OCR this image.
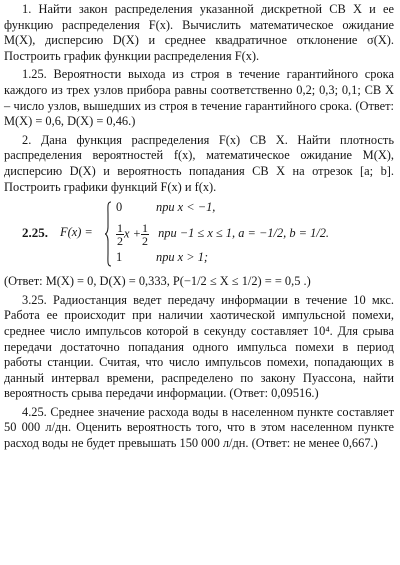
1. Найти закон распределения указанной дискретной СВ X и ее функцию распределения F(x). Вычислить математическое ожидание M(X), дисперсию D(X) и среднее квадратичное отклонение σ(X). Построить график функции распределения F(x).

1.25. Вероятности выхода из строя в течение гарантийного срока каждого из трех узлов прибора равны соответственно 0,2; 0,3; 0,1; СВ X – число узлов, вышедших из строя в течение гарантийного срока. (Ответ: M(X) = 0,6, D(X) = 0,46.)

2. Дана функция распределения F(x) СВ X. Найти плотность распределения вероятностей f(x), математическое ожидание M(X), дисперсию D(X) и вероятность попадания СВ X на отрезок [a; b]. Построить графики функций F(x) и f(x).

2.25. F(x) =
0	при x < −1,
$\frac{1}{2}$ $x + \frac{1}{2}$ при −1 ≤ x ≤ 1, a = −1/2, b = 1/2.
1	при x > 1;

(Ответ: M(X) = 0, D(X) = 0,333, P(−1/2 ≤ X ≤ 1/2) = = 0,5 .)

3.25. Радиостанция ведет передачу информации в течение 10 мкс. Работа ее происходит при наличии хаотической импульсной помехи, среднее число импульсов которой в секунду составляет 10⁴. Для срыва передачи достаточно попадания одного импульса помехи в период работы станции. Считая, что число импульсов помехи, попадающих в данный интервал времени, распределено по закону Пуассона, найти вероятность срыва передачи информации. (Ответ: 0,09516.)

4.25. Среднее значение расхода воды в населенном пункте составляет 50 000 л/дн. Оценить вероятность того, что в этом населенном пункте расход воды не будет превышать 150 000 л/дн. (Ответ: не менее 0,667.)
